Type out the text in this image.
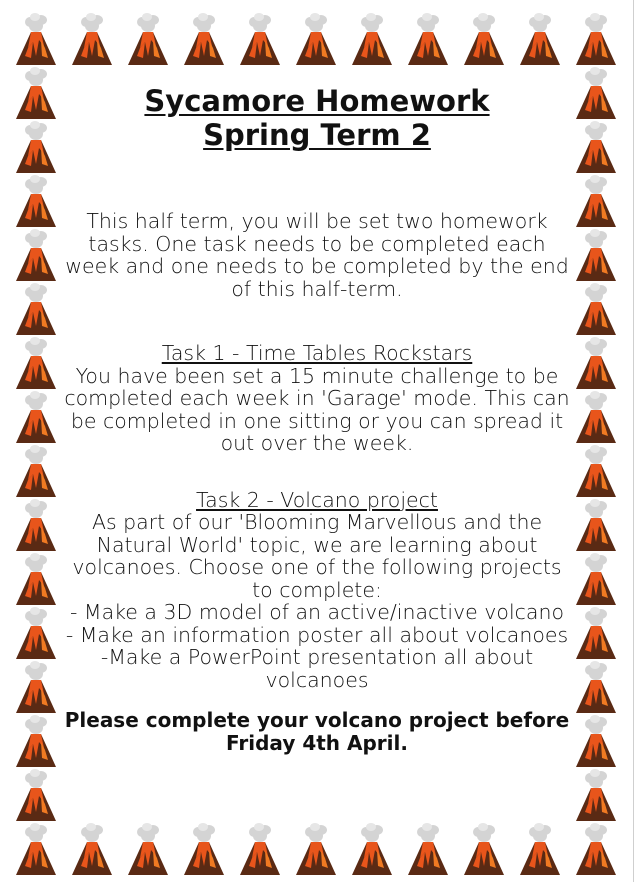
Sycamore Homework
Spring Term 2

This half term, you will be set two homework tasks. One task needs to be completed each week and one needs to be completed by the end of this half-term.

Task 1 - Time Tables Rockstars
You have been set a 15 minute challenge to be completed each week in 'Garage' mode. This can be completed in one sitting or you can spread it out over the week.
Task 2 - Volcano project
As part of our 'Blooming Marvellous and the Natural World' topic, we are learning about volcanoes. Choose one of the following projects to complete:
- Make a 3D model of an active/inactive volcano
- Make an information poster all about volcanoes
-Make a PowerPoint presentation all about volcanoes

Please complete your volcano project before Friday 4th April.
